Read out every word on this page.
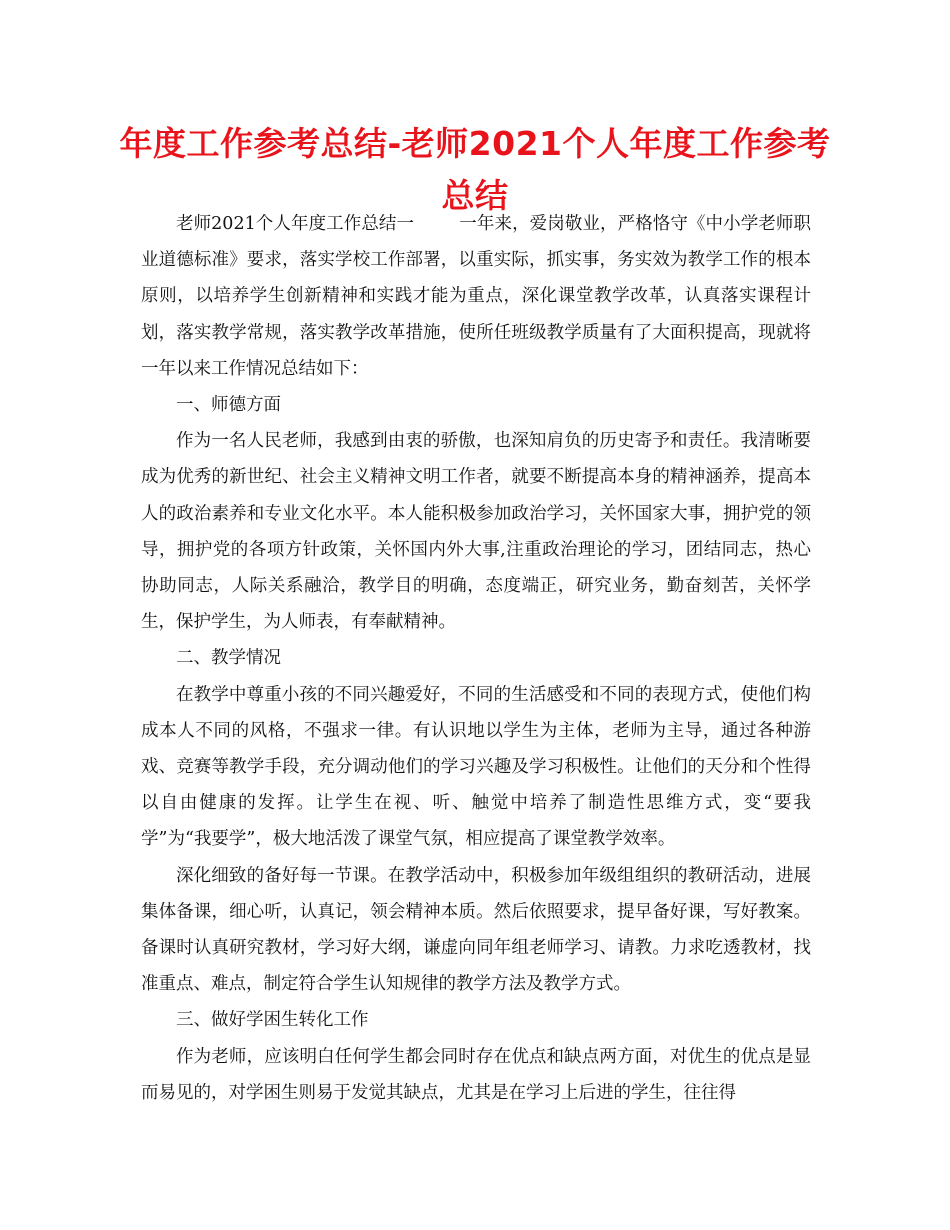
年度工作参考总结-老师2021个人年度工作参考总结

老师2021个人年度工作总结一        一年来，爱岗敬业，严格恪守《中小学老师职业道德标准》要求，落实学校工作部署，以重实际，抓实事，务实效为教学工作的根本原则，以培养学生创新精神和实践才能为重点，深化课堂教学改革，认真落实课程计划，落实教学常规，落实教学改革措施，使所任班级教学质量有了大面积提高，现就将一年以来工作情况总结如下：

一、师德方面

作为一名人民老师，我感到由衷的骄傲，也深知肩负的历史寄予和责任。我清晰要成为优秀的新世纪、社会主义精神文明工作者，就要不断提高本身的精神涵养，提高本人的政治素养和专业文化水平。本人能积极参加政治学习，关怀国家大事，拥护党的领导，拥护党的各项方针政策，关怀国内外大事,注重政治理论的学习，团结同志，热心协助同志，人际关系融洽，教学目的明确，态度端正，研究业务，勤奋刻苦，关怀学生，保护学生，为人师表，有奉献精神。

二、教学情况

在教学中尊重小孩的不同兴趣爱好，不同的生活感受和不同的表现方式，使他们构成本人不同的风格，不强求一律。有认识地以学生为主体，老师为主导，通过各种游戏、竞赛等教学手段，充分调动他们的学习兴趣及学习积极性。让他们的天分和个性得以自由健康的发挥。让学生在视、听、触觉中培养了制造性思维方式，变“要我学”为“我要学”，极大地活泼了课堂气氛，相应提高了课堂教学效率。

深化细致的备好每一节课。在教学活动中，积极参加年级组组织的教研活动，进展集体备课，细心听，认真记，领会精神本质。然后依照要求，提早备好课，写好教案。备课时认真研究教材，学习好大纲，谦虚向同年组老师学习、请教。力求吃透教材，找准重点、难点，制定符合学生认知规律的教学方法及教学方式。

三、做好学困生转化工作

作为老师，应该明白任何学生都会同时存在优点和缺点两方面，对优生的优点是显而易见的，对学困生则易于发觉其缺点，尤其是在学习上后进的学生，往往得
